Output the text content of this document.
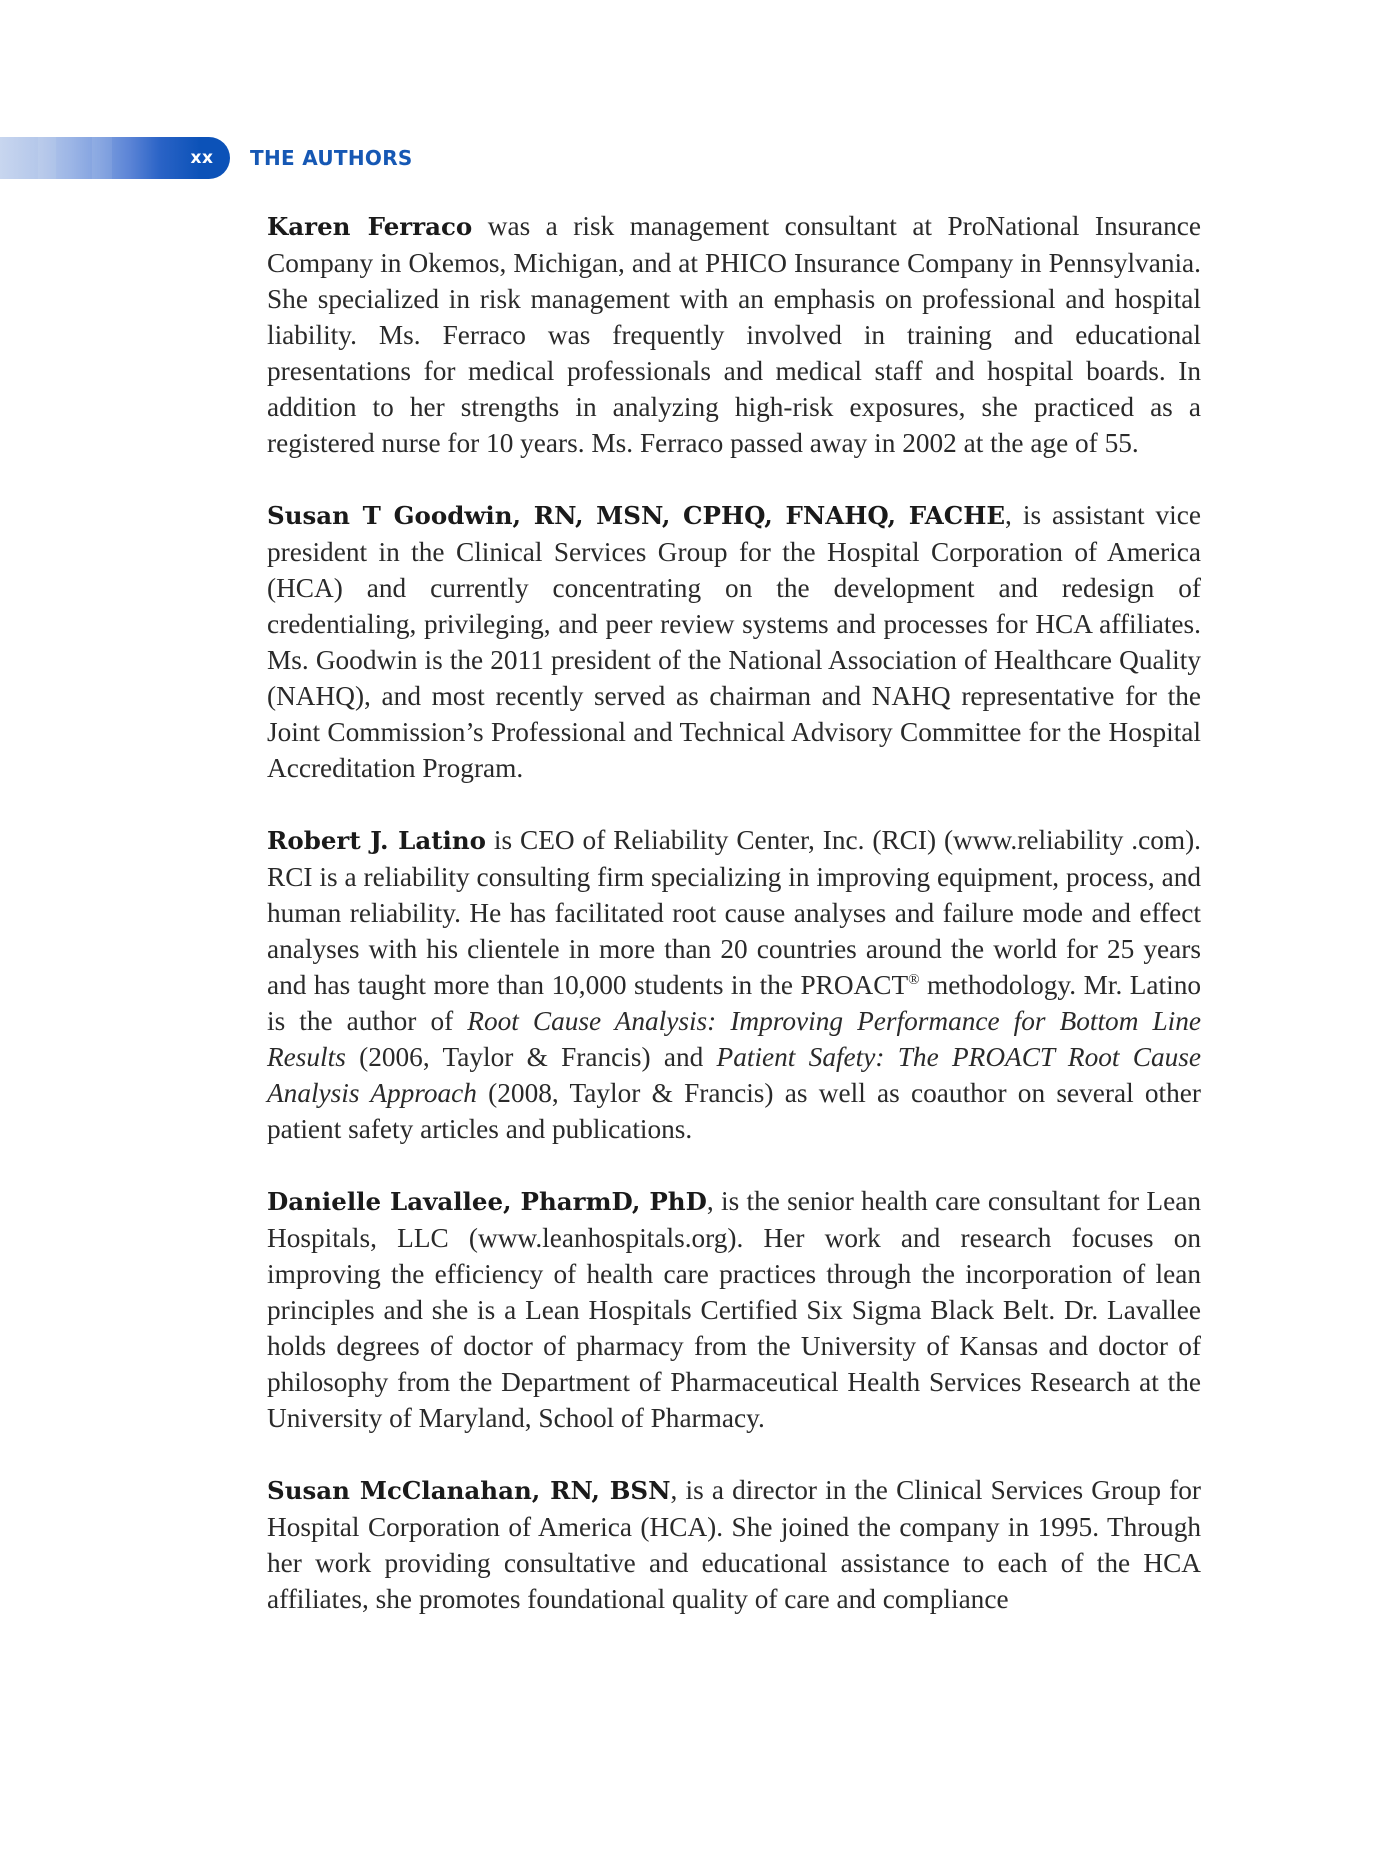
xx THE AUTHORS

Karen Ferraco was a risk management consultant at ProNational Insurance Company in Okemos, Michigan, and at PHICO Insurance Company in Pennsylvania. She specialized in risk management with an emphasis on professional and hospital liability. Ms. Ferraco was frequently involved in training and educational presentations for medical professionals and medical staff and hospital boards. In addition to her strengths in analyzing high-risk exposures, she practiced as a registered nurse for 10 years. Ms. Ferraco passed away in 2002 at the age of 55.

Susan T Goodwin, RN, MSN, CPHQ, FNAHQ, FACHE, is assistant vice president in the Clinical Services Group for the Hospital Corporation of America (HCA) and currently concentrating on the development and redesign of credentialing, privileging, and peer review systems and processes for HCA affiliates. Ms. Goodwin is the 2011 president of the National Association of Healthcare Quality (NAHQ), and most recently served as chairman and NAHQ representative for the Joint Commission’s Professional and Technical Advisory Committee for the Hospital Accreditation Program.

Robert J. Latino is CEO of Reliability Center, Inc. (RCI) (www.reliability .com). RCI is a reliability consulting firm specializing in improving equipment, process, and human reliability. He has facilitated root cause analyses and failure mode and effect analyses with his clientele in more than 20 countries around the world for 25 years and has taught more than 10,000 students in the PROACT® methodology. Mr. Latino is the author of Root Cause Analysis: Improving Performance for Bottom Line Results (2006, Taylor & Francis) and Patient Safety: The PROACT Root Cause Analysis Approach (2008, Taylor & Francis) as well as coauthor on several other patient safety articles and publications.

Danielle Lavallee, PharmD, PhD, is the senior health care consultant for Lean Hospitals, LLC (www.leanhospitals.org). Her work and research focuses on improving the efficiency of health care practices through the incorporation of lean principles and she is a Lean Hospitals Certified Six Sigma Black Belt. Dr. Lavallee holds degrees of doctor of pharmacy from the University of Kansas and doctor of philosophy from the Department of Pharmaceutical Health Services Research at the University of Maryland, School of Pharmacy.

Susan McClanahan, RN, BSN, is a director in the Clinical Services Group for Hospital Corporation of America (HCA). She joined the company in 1995. Through her work providing consultative and educational assistance to each of the HCA affiliates, she promotes foundational quality of care and compliance
